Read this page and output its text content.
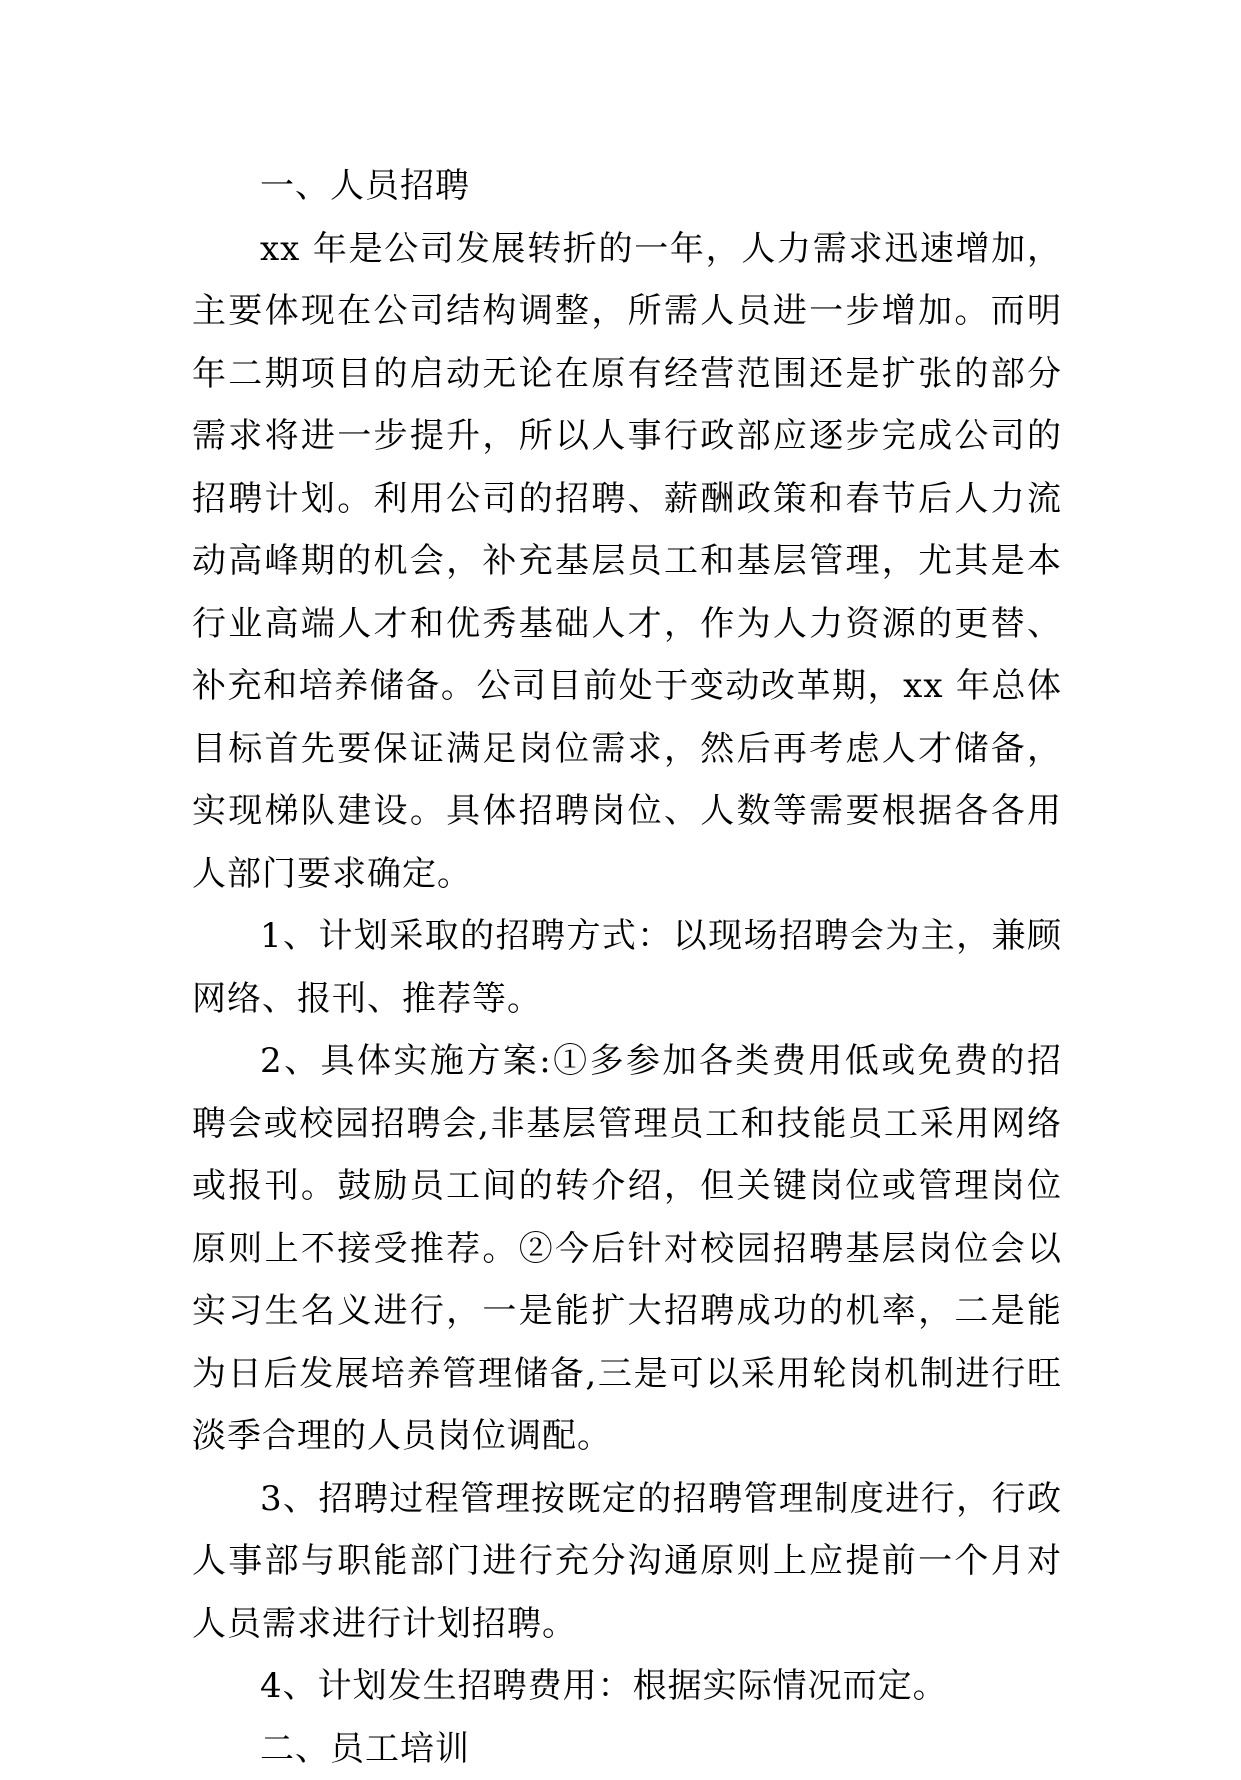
一、人员招聘

xx 年是公司发展转折的一年，人力需求迅速增加，主要体现在公司结构调整，所需人员进一步增加。而明年二期项目的启动无论在原有经营范围还是扩张的部分需求将进一步提升，所以人事行政部应逐步完成公司的招聘计划。利用公司的招聘、薪酬政策和春节后人力流动高峰期的机会，补充基层员工和基层管理，尤其是本行业高端人才和优秀基础人才，作为人力资源的更替、补充和培养储备。公司目前处于变动改革期，xx 年总体目标首先要保证满足岗位需求，然后再考虑人才储备，实现梯队建设。具体招聘岗位、人数等需要根据各各用人部门要求确定。

1、计划采取的招聘方式：以现场招聘会为主，兼顾网络、报刊、推荐等。

2、具体实施方案:①多参加各类费用低或免费的招聘会或校园招聘会,非基层管理员工和技能员工采用网络或报刊。鼓励员工间的转介绍，但关键岗位或管理岗位原则上不接受推荐。②今后针对校园招聘基层岗位会以实习生名义进行，一是能扩大招聘成功的机率，二是能为日后发展培养管理储备,三是可以采用轮岗机制进行旺淡季合理的人员岗位调配。

3、招聘过程管理按既定的招聘管理制度进行，行政人事部与职能部门进行充分沟通原则上应提前一个月对人员需求进行计划招聘。

4、计划发生招聘费用：根据实际情况而定。

二、员工培训
